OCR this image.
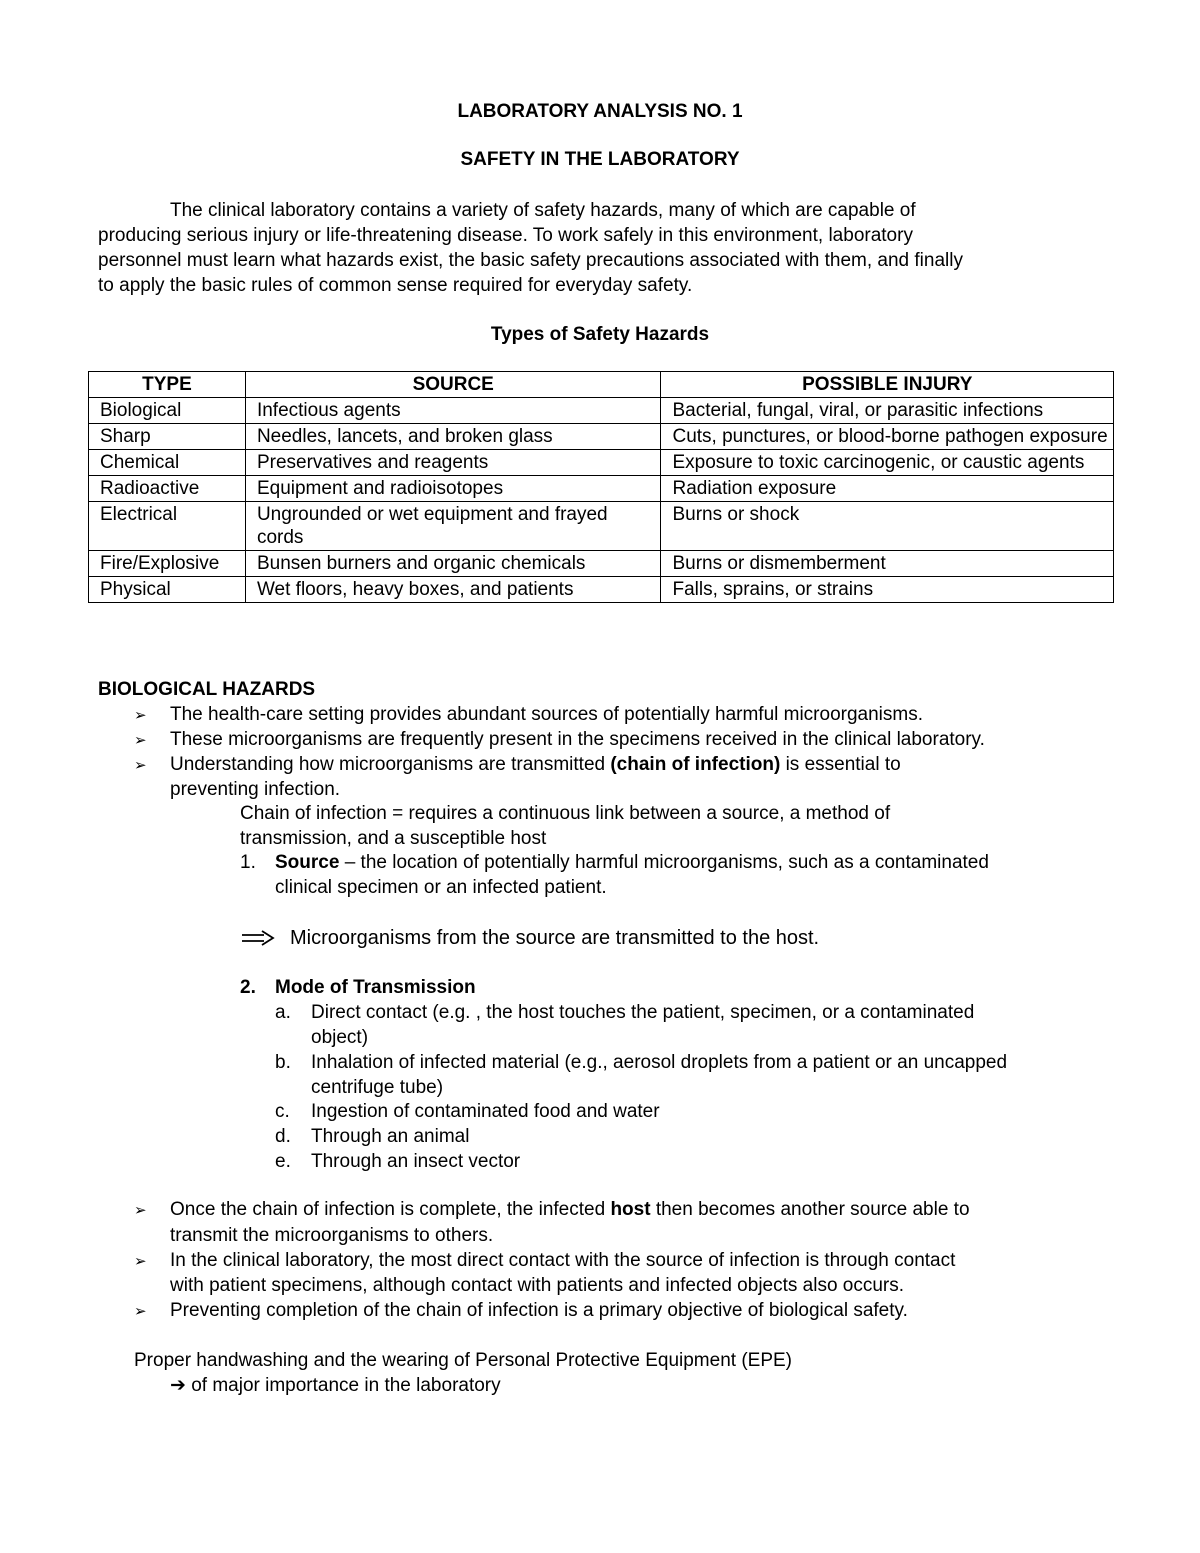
LABORATORY ANALYSIS NO. 1
SAFETY IN THE LABORATORY
The clinical laboratory contains a variety of safety hazards, many of which are capable of
producing serious injury or life-threatening disease. To work safely in this environment, laboratory
personnel must learn what hazards exist, the basic safety precautions associated with them, and finally
to apply the basic rules of common sense required for everyday safety.
Types of Safety Hazards
TYPE	SOURCE	POSSIBLE INJURY
Biological	Infectious agents	Bacterial, fungal, viral, or parasitic infections
Sharp	Needles, lancets, and broken glass	Cuts, punctures, or blood-borne pathogen exposure
Chemical	Preservatives and reagents	Exposure to toxic carcinogenic, or caustic agents
Radioactive	Equipment and radioisotopes	Radiation exposure
Electrical	Ungrounded or wet equipment and frayed cords	Burns or shock
Fire/Explosive	Bunsen burners and organic chemicals	Burns or dismemberment
Physical	Wet floors, heavy boxes, and patients	Falls, sprains, or strains
BIOLOGICAL HAZARDS
➢ The health-care setting provides abundant sources of potentially harmful microorganisms.
➢ These microorganisms are frequently present in the specimens received in the clinical laboratory.
➢ Understanding how microorganisms are transmitted (chain of infection) is essential to
preventing infection.
Chain of infection = requires a continuous link between a source, a method of
transmission, and a susceptible host
1. Source – the location of potentially harmful microorganisms, such as a contaminated
clinical specimen or an infected patient.
Microorganisms from the source are transmitted to the host.
2. Mode of Transmission
a. Direct contact (e.g. , the host touches the patient, specimen, or a contaminated
object)
b. Inhalation of infected material (e.g., aerosol droplets from a patient or an uncapped
centrifuge tube)
c. Ingestion of contaminated food and water
d. Through an animal
e. Through an insect vector
➢ Once the chain of infection is complete, the infected host then becomes another source able to
transmit the microorganisms to others.
➢ In the clinical laboratory, the most direct contact with the source of infection is through contact
with patient specimens, although contact with patients and infected objects also occurs.
➢ Preventing completion of the chain of infection is a primary objective of biological safety.
Proper handwashing and the wearing of Personal Protective Equipment (EPE)
➔ of major importance in the laboratory
